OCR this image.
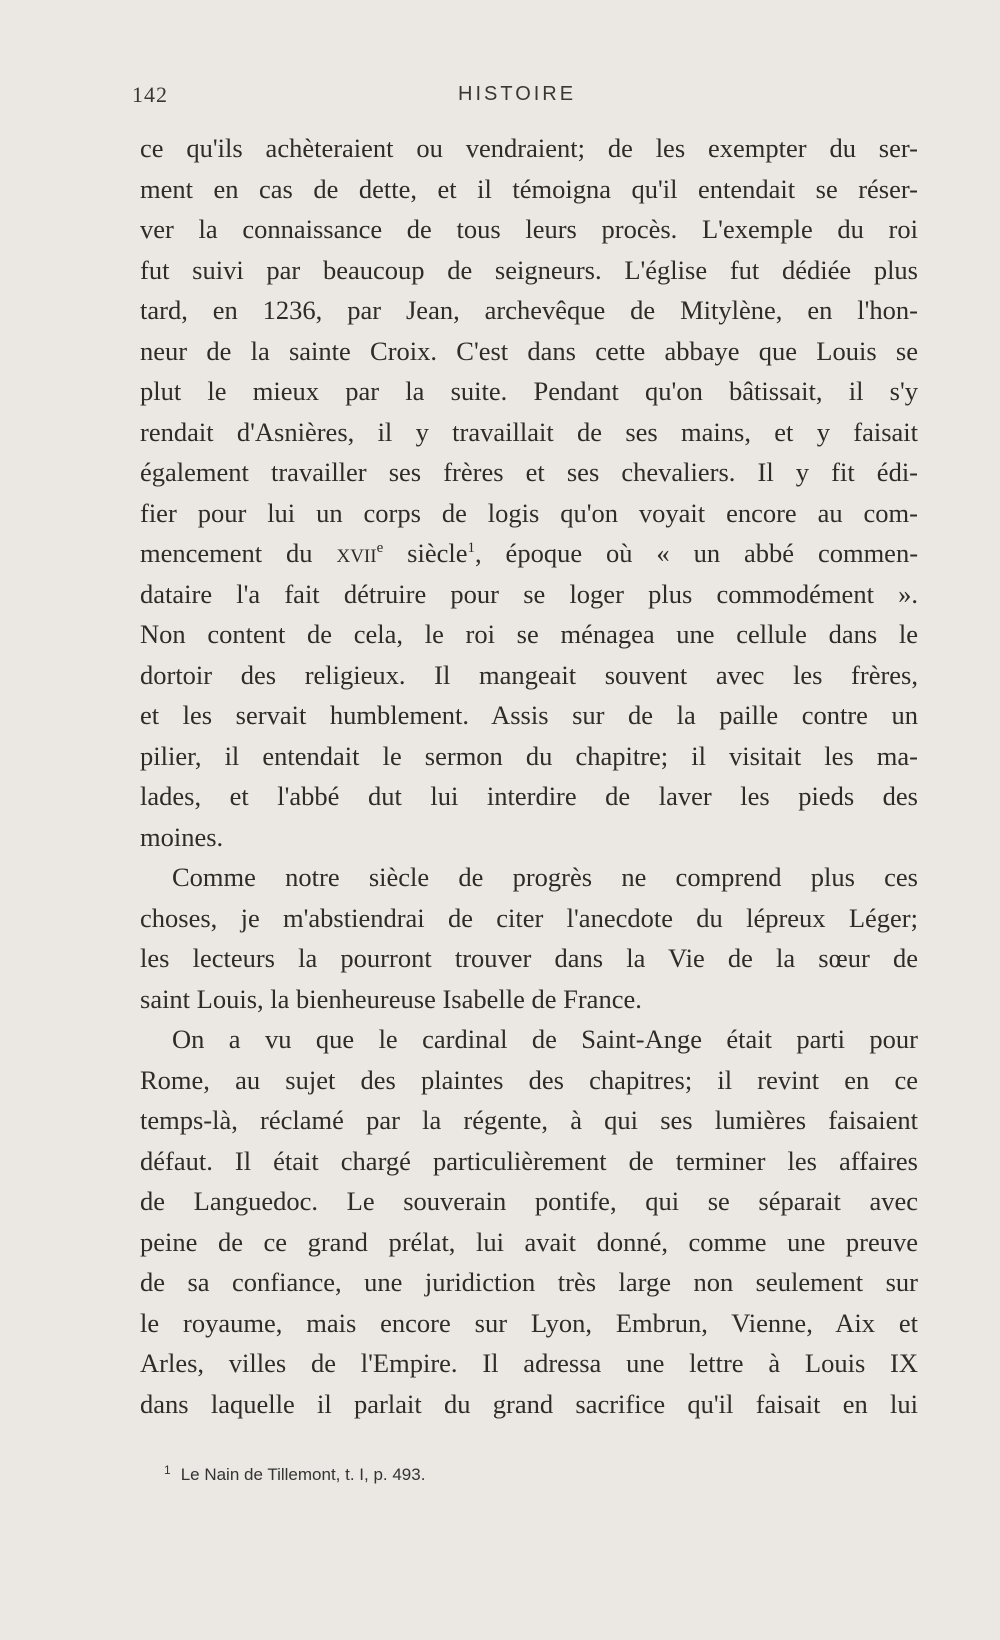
142	HISTOIRE
ce qu'ils achèteraient ou vendraient; de les exempter du ser-
ment en cas de dette, et il témoigna qu'il entendait se réser-
ver la connaissance de tous leurs procès. L'exemple du roi
fut suivi par beaucoup de seigneurs. L'église fut dédiée plus
tard, en 1236, par Jean, archevêque de Mitylène, en l'hon-
neur de la sainte Croix. C'est dans cette abbaye que Louis se
plut le mieux par la suite. Pendant qu'on bâtissait, il s'y
rendait d'Asnières, il y travaillait de ses mains, et y faisait
également travailler ses frères et ses chevaliers. Il y fit édi-
fier pour lui un corps de logis qu'on voyait encore au com-
mencement du xvii$^e$ siècle$^1$, époque où « un abbé commen-
dataire l'a fait détruire pour se loger plus commodément ».
Non content de cela, le roi se ménagea une cellule dans le
dortoir des religieux. Il mangeait souvent avec les frères,
et les servait humblement. Assis sur de la paille contre un
pilier, il entendait le sermon du chapitre; il visitait les ma-
lades, et l'abbé dut lui interdire de laver les pieds des
moines.
Comme notre siècle de progrès ne comprend plus ces
choses, je m'abstiendrai de citer l'anecdote du lépreux Léger;
les lecteurs la pourront trouver dans la Vie de la sœur de
saint Louis, la bienheureuse Isabelle de France.
On a vu que le cardinal de Saint-Ange était parti pour
Rome, au sujet des plaintes des chapitres; il revint en ce
temps-là, réclamé par la régente, à qui ses lumières faisaient
défaut. Il était chargé particulièrement de terminer les affaires
de Languedoc. Le souverain pontife, qui se séparait avec
peine de ce grand prélat, lui avait donné, comme une preuve
de sa confiance, une juridiction très large non seulement sur
le royaume, mais encore sur Lyon, Embrun, Vienne, Aix et
Arles, villes de l'Empire. Il adressa une lettre à Louis IX
dans laquelle il parlait du grand sacrifice qu'il faisait en lui
$^1$ Le Nain de Tillemont, t. I, p. 493.
